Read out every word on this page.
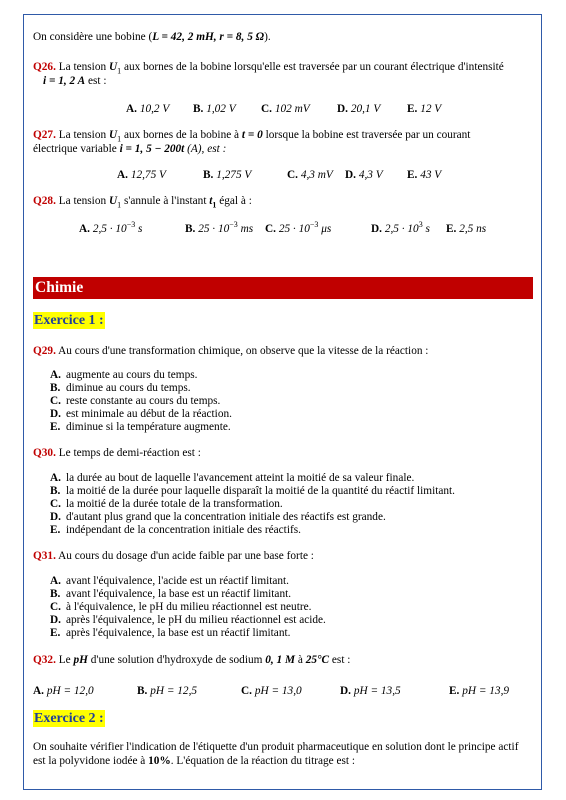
On considère une bobine (L = 42, 2 mH, r = 8, 5 Ω).
Q26. La tension $U_1$ aux bornes de la bobine lorsqu'elle est traversée par un courant électrique d'intensité
i = 1, 2 A est :
A. 10,2 V B. 1,02 V C. 102 mV D. 20,1 V E. 12 V
Q27. La tension $U_1$ aux bornes de la bobine à t = 0 lorsque la bobine est traversée par un courant
électrique variable i = 1, 5 − 200t (A), est :
A. 12,75 V	B. 1,275 V	C. 4,3 mV D. 4,3 V E. 43 V
Q28. La tension $U_1$ s'annule à l'instant $t_1$ égal à :
A. $2,5 \cdot 10^{-3}$ s	B. $25 \cdot 10^{-3}$ ms C. $25 \cdot 10^{-3}$ μs	D. $2,5 \cdot 10^3$ s E. 2,5 ns
Chimie
Exercice 1 :
Q29. Au cours d'une transformation chimique, on observe que la vitesse de la réaction :
A. augmente au cours du temps.
B. diminue au cours du temps.
C. reste constante au cours du temps.
D. est minimale au début de la réaction.
E. diminue si la température augmente.
Q30. Le temps de demi-réaction est :
A. la durée au bout de laquelle l'avancement atteint la moitié de sa valeur finale.
B. la moitié de la durée pour laquelle disparaît la moitié de la quantité du réactif limitant.
C. la moitié de la durée totale de la transformation.
D. d'autant plus grand que la concentration initiale des réactifs est grande.
E. indépendant de la concentration initiale des réactifs.
Q31. Au cours du dosage d'un acide faible par une base forte :
A. avant l'équivalence, l'acide est un réactif limitant.
B. avant l'équivalence, la base est un réactif limitant.
C. à l'équivalence, le pH du milieu réactionnel est neutre.
D. après l'équivalence, le pH du milieu réactionnel est acide.
E. après l'équivalence, la base est un réactif limitant.
Q32. Le pH d'une solution d'hydroxyde de sodium 0, 1 M à 25°C est :
A. pH = 12,0	B. pH = 12,5	C. pH = 13,0	D. pH = 13,5	E. pH = 13,9
Exercice 2 :
On souhaite vérifier l'indication de l'étiquette d'un produit pharmaceutique en solution dont le principe actif
est la polyvidone iodée à 10%. L'équation de la réaction du titrage est :
